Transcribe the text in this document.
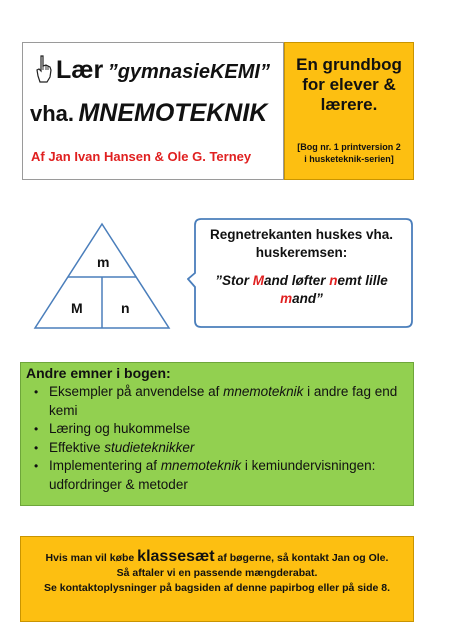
Lær ”gymnasieKEMI”
vha. MNEMOTEKNIK
Af Jan Ivan Hansen & Ole G. Terney
En grundbog
for elever &
lærere.
[Bog nr. 1 printversion 2
i husketeknik-serien]
m
M	n
Regnetrekanten huskes vha.
huskeremsen:
”Stor Mand løfter nemt lille
mand”
Andre emner i bogen:
• Eksempler på anvendelse af mnemoteknik i andre fag end kemi
• Læring og hukommelse
• Effektive studieteknikker
• Implementering af mnemoteknik i kemiundervisningen: udfordringer & metoder
Hvis man vil købe klassesæt af bøgerne, så kontakt Jan og Ole.
Så aftaler vi en passende mængderabat.
Se kontaktoplysninger på bagsiden af denne papirbog eller på side 8.
